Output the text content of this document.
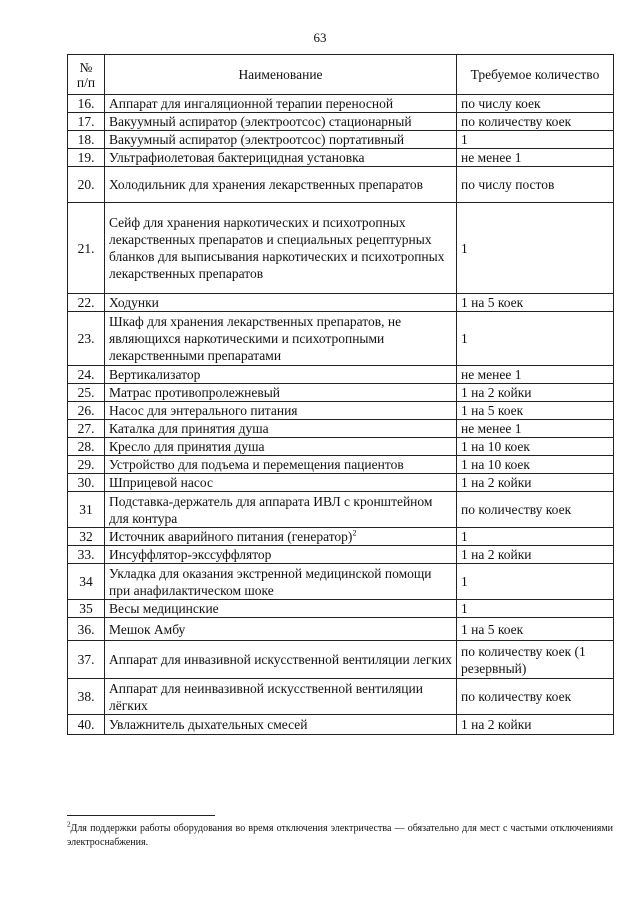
63
№
п/п	Наименование	Требуемое количество
16.	Аппарат для ингаляционной терапии переносной	по числу коек
17.	Вакуумный аспиратор (электроотсос) стационарный	по количеству коек
18.	Вакуумный аспиратор (электроотсос) портативный	1
19.	Ультрафиолетовая бактерицидная установка	не менее 1
20.	Холодильник для хранения лекарственных препаратов	по числу постов
21.	Сейф для хранения наркотических и психотропных лекарственных препаратов и специальных рецептурных бланков для выписывания наркотических и психотропных лекарственных препаратов	1
22.	Ходунки	1 на 5 коек
23.	Шкаф для хранения лекарственных препаратов, не являющихся наркотическими и психотропными лекарственными препаратами	1
24.	Вертикализатор	не менее 1
25.	Матрас противопролежневый	1 на 2 койки
26.	Насос для энтерального питания	1 на 5 коек
27.	Каталка для принятия душа	не менее 1
28.	Кресло для принятия душа	1 на 10 коек
29.	Устройство для подъема и перемещения пациентов	1 на 10 коек
30.	Шприцевой насос	1 на 2 койки
31	Подставка-держатель для аппарата ИВЛ с кронштейном для контура	по количеству коек
32	Источник аварийного питания (генератор)$^2$	1
33.	Инсуффлятор-экссуффлятор	1 на 2 койки
34	Укладка для оказания экстренной медицинской помощи при анафилактическом шоке	1
35	Весы медицинские	1
36.	Мешок Амбу	1 на 5 коек
37.	Аппарат для инвазивной искусственной вентиляции легких	по количеству коек (1 резервный)
38.	Аппарат для неинвазивной искусственной вентиляции лёгких	по количеству коек
40.	Увлажнитель дыхательных смесей	1 на 2 койки
$^2$Для поддержки работы оборудования во время отключения электричества — обязательно для мест с частыми отключениями электроснабжения.
